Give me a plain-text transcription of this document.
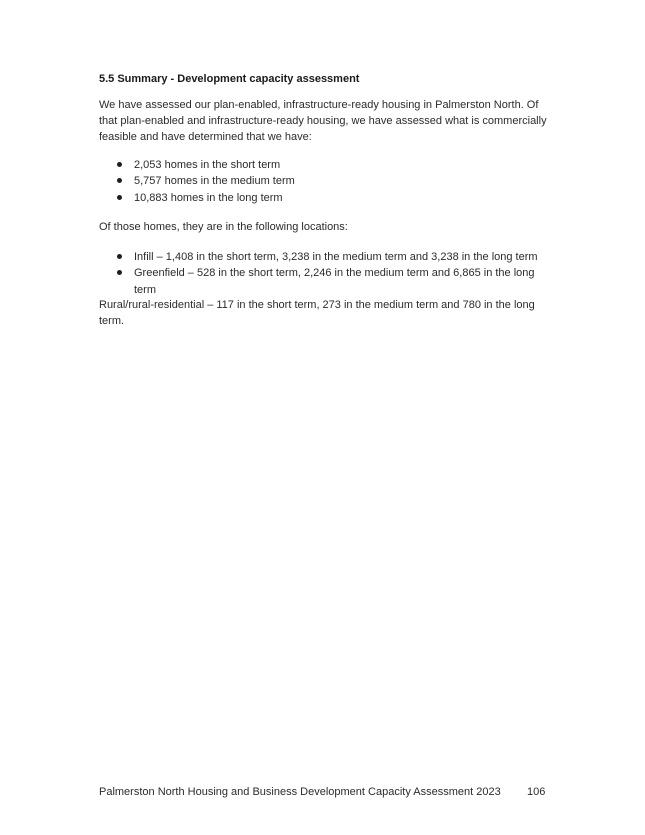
5.5 Summary - Development capacity assessment
We have assessed our plan-enabled, infrastructure-ready housing in Palmerston North. Of that plan-enabled and infrastructure-ready housing, we have assessed what is commercially feasible and have determined that we have:
2,053 homes in the short term
5,757 homes in the medium term
10,883 homes in the long term
Of those homes, they are in the following locations:
Infill – 1,408 in the short term, 3,238 in the medium term and 3,238 in the long term
Greenfield – 528 in the short term, 2,246 in the medium term and 6,865 in the long term
Rural/rural-residential – 117 in the short term, 273 in the medium term and 780 in the long term.
Palmerston North Housing and Business Development Capacity Assessment 2023 106
